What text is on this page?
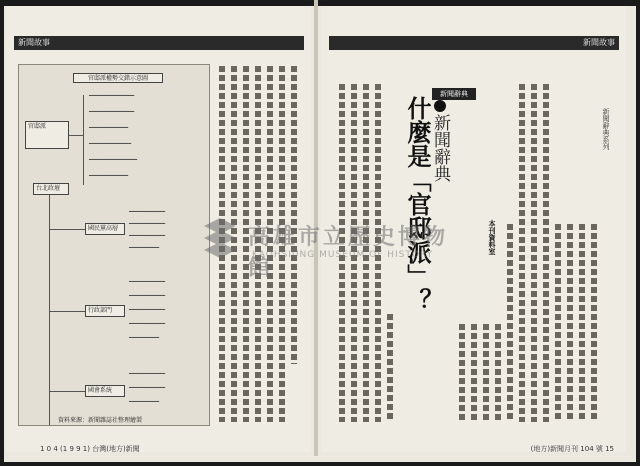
新聞故事	新聞故事
官邸派權勢交錯示意圖
官邸派
━━━━━━━━━━━━━━━
━━━━━━━━━━━━━━━
━━━━━━━━━━━━━
━━━━━━━━━━━━━━
━━━━━━━━━━━━━━━━
━━━━━━━━━━━━━
台北政壇
國民黨高層
━━━━━━━━━━━━
━━━━━━━━━━━━
━━━━━━━━━━━━
━━━━━━━━━━
行政部門
━━━━━━━━━━━━
━━━━━━━━━━━━
━━━━━━━━━━━━
━━━━━━━━━━━━
━━━━━━━━━━
國會系統
━━━━━━━━━━━━
━━━━━━━━━━━━
━━━━━━━━━━
資料來源：新聞雜誌社整理繪製
新聞辭典
新聞辭典
什麼是「官邸派」？	本刊資料室
新聞辭典系列
高雄市立歷史博物館
KAOHSIUNG MUSEUM OF HISTORY
1 0 4 (1 9 9 1) 台灣(地方)新聞	(地方)新聞月刊 104 號 15
